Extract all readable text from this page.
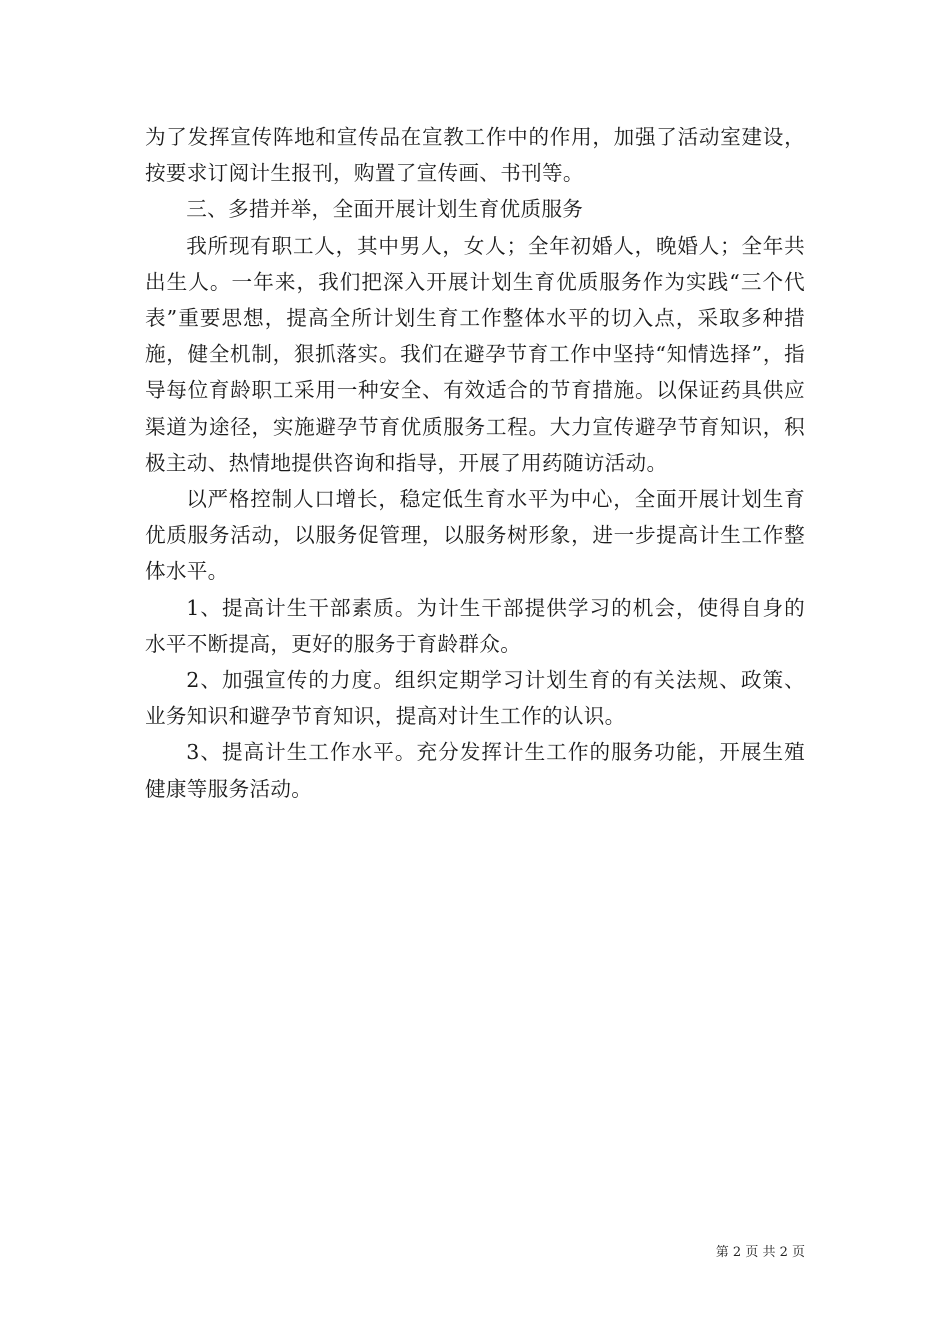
为了发挥宣传阵地和宣传品在宣教工作中的作用，加强了活动室建设，按要求订阅计生报刊，购置了宣传画、书刊等。

三、多措并举，全面开展计划生育优质服务

我所现有职工人，其中男人，女人；全年初婚人，晚婚人；全年共出生人。一年来，我们把深入开展计划生育优质服务作为实践“三个代表”重要思想，提高全所计划生育工作整体水平的切入点，采取多种措施，健全机制，狠抓落实。我们在避孕节育工作中坚持“知情选择”，指导每位育龄职工采用一种安全、有效适合的节育措施。以保证药具供应渠道为途径，实施避孕节育优质服务工程。大力宣传避孕节育知识，积极主动、热情地提供咨询和指导，开展了用药随访活动。

以严格控制人口增长，稳定低生育水平为中心，全面开展计划生育优质服务活动，以服务促管理，以服务树形象，进一步提高计生工作整体水平。

1、提高计生干部素质。为计生干部提供学习的机会，使得自身的水平不断提高，更好的服务于育龄群众。

2、加强宣传的力度。组织定期学习计划生育的有关法规、政策、业务知识和避孕节育知识，提高对计生工作的认识。

3、提高计生工作水平。充分发挥计生工作的服务功能，开展生殖健康等服务活动。

第 2 页 共 2 页
